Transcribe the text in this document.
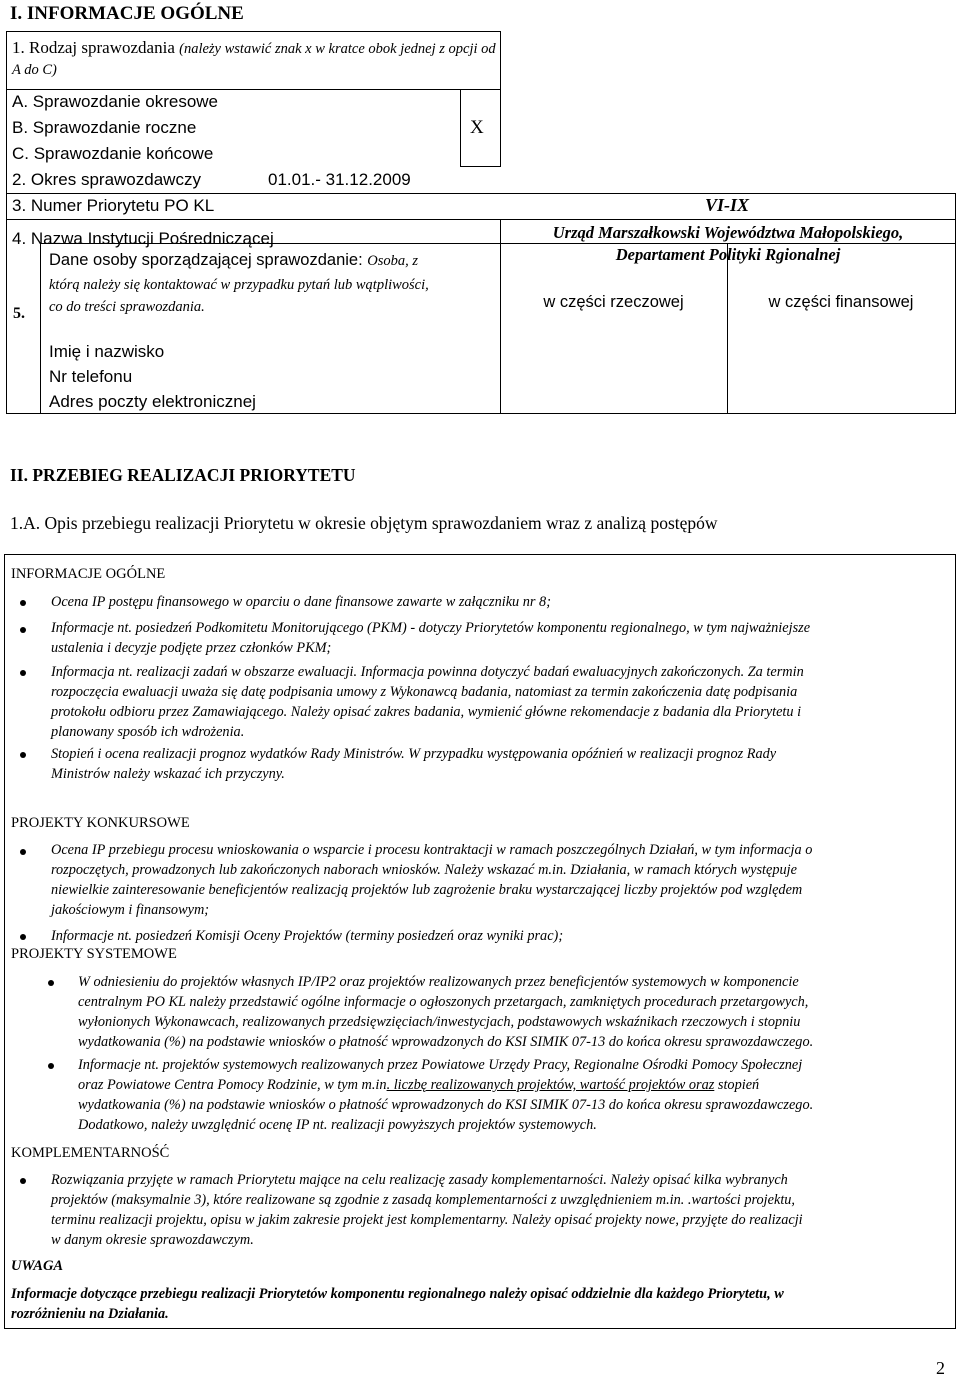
I. INFORMACJE OGÓLNE
1. Rodzaj sprawozdania (należy wstawić znak x w kratce obok jednej z opcji od A do C)
A. Sprawozdanie okresowe
B. Sprawozdanie roczne	X
C. Sprawozdanie końcowe
2. Okres sprawozdawczy	01.01.- 31.12.2009
3. Numer Priorytetu PO KL	VI-IX
4. Nazwa Instytucji Pośredniczącej	Urząd Marszałkowski Województwa Małopolskiego,
Departament Polityki Rgionalnej
5.
Dane osoby sporządzającej sprawozdanie: Osoba, z
którą należy się kontaktować w przypadku pytań lub wątpliwości,
co do treści sprawozdania.	w części rzeczowej	w części finansowej
Imię i nazwisko
Nr telefonu
Adres poczty elektronicznej
II. PRZEBIEG REALIZACJI PRIORYTETU
1.A. Opis przebiegu realizacji Priorytetu w okresie objętym sprawozdaniem wraz z analizą postępów
INFORMACJE OGÓLNE
Ocena IP postępu finansowego w oparciu o dane finansowe zawarte w załączniku nr 8;
Informacje nt. posiedzeń Podkomitetu Monitorującego (PKM) - dotyczy Priorytetów komponentu regionalnego, w tym najważniejsze
ustalenia i decyzje podjęte przez członków PKM;
Informacja nt. realizacji zadań w obszarze ewaluacji. Informacja powinna dotyczyć badań ewaluacyjnych zakończonych. Za termin
rozpoczęcia ewaluacji uważa się datę podpisania umowy z Wykonawcą badania, natomiast za termin zakończenia datę podpisania
protokołu odbioru przez Zamawiającego. Należy opisać zakres badania, wymienić główne rekomendacje z badania dla Priorytetu i
planowany sposób ich wdrożenia.
Stopień i ocena realizacji prognoz wydatków Rady Ministrów. W przypadku występowania opóźnień w realizacji prognoz Rady
Ministrów należy wskazać ich przyczyny.
PROJEKTY KONKURSOWE
Ocena IP przebiegu procesu wnioskowania o wsparcie i procesu kontraktacji w ramach poszczególnych Działań, w tym informacja o
rozpoczętych, prowadzonych lub zakończonych naborach wniosków. Należy wskazać m.in. Działania, w ramach których występuje
niewielkie zainteresowanie beneficjentów realizacją projektów lub zagrożenie braku wystarczającej liczby projektów pod względem
jakościowym i finansowym;
Informacje nt. posiedzeń Komisji Oceny Projektów (terminy posiedzeń oraz wyniki prac);
PROJEKTY SYSTEMOWE
W odniesieniu do projektów własnych IP/IP2 oraz projektów realizowanych przez beneficjentów systemowych w komponencie
centralnym PO KL należy przedstawić ogólne informacje o ogłoszonych przetargach, zamkniętych procedurach przetargowych,
wyłonionych Wykonawcach, realizowanych przedsięwzięciach/inwestycjach, podstawowych wskaźnikach rzeczowych i stopniu
wydatkowania (%) na podstawie wniosków o płatność wprowadzonych do KSI SIMIK 07-13 do końca okresu sprawozdawczego.
Informacje nt. projektów systemowych realizowanych przez Powiatowe Urzędy Pracy, Regionalne Ośrodki Pomocy Społecznej
oraz Powiatowe Centra Pomocy Rodzinie, w tym m.in. liczbę realizowanych projektów, wartość projektów oraz stopień
wydatkowania (%) na podstawie wniosków o płatność wprowadzonych do KSI SIMIK 07-13 do końca okresu sprawozdawczego.
Dodatkowo, należy uwzględnić ocenę IP nt. realizacji powyższych projektów systemowych.
KOMPLEMENTARNOŚĆ
Rozwiązania przyjęte w ramach Priorytetu mające na celu realizację zasady komplementarności. Należy opisać kilka wybranych
projektów (maksymalnie 3), które realizowane są zgodnie z zasadą komplementarności z uwzględnieniem m.in. .wartości projektu,
terminu realizacji projektu, opisu w jakim zakresie projekt jest komplementarny. Należy opisać projekty nowe, przyjęte do realizacji
w danym okresie sprawozdawczym.
UWAGA
Informacje dotyczące przebiegu realizacji Priorytetów komponentu regionalnego należy opisać oddzielnie dla każdego Priorytetu, w
rozróżnieniu na Działania.
2
